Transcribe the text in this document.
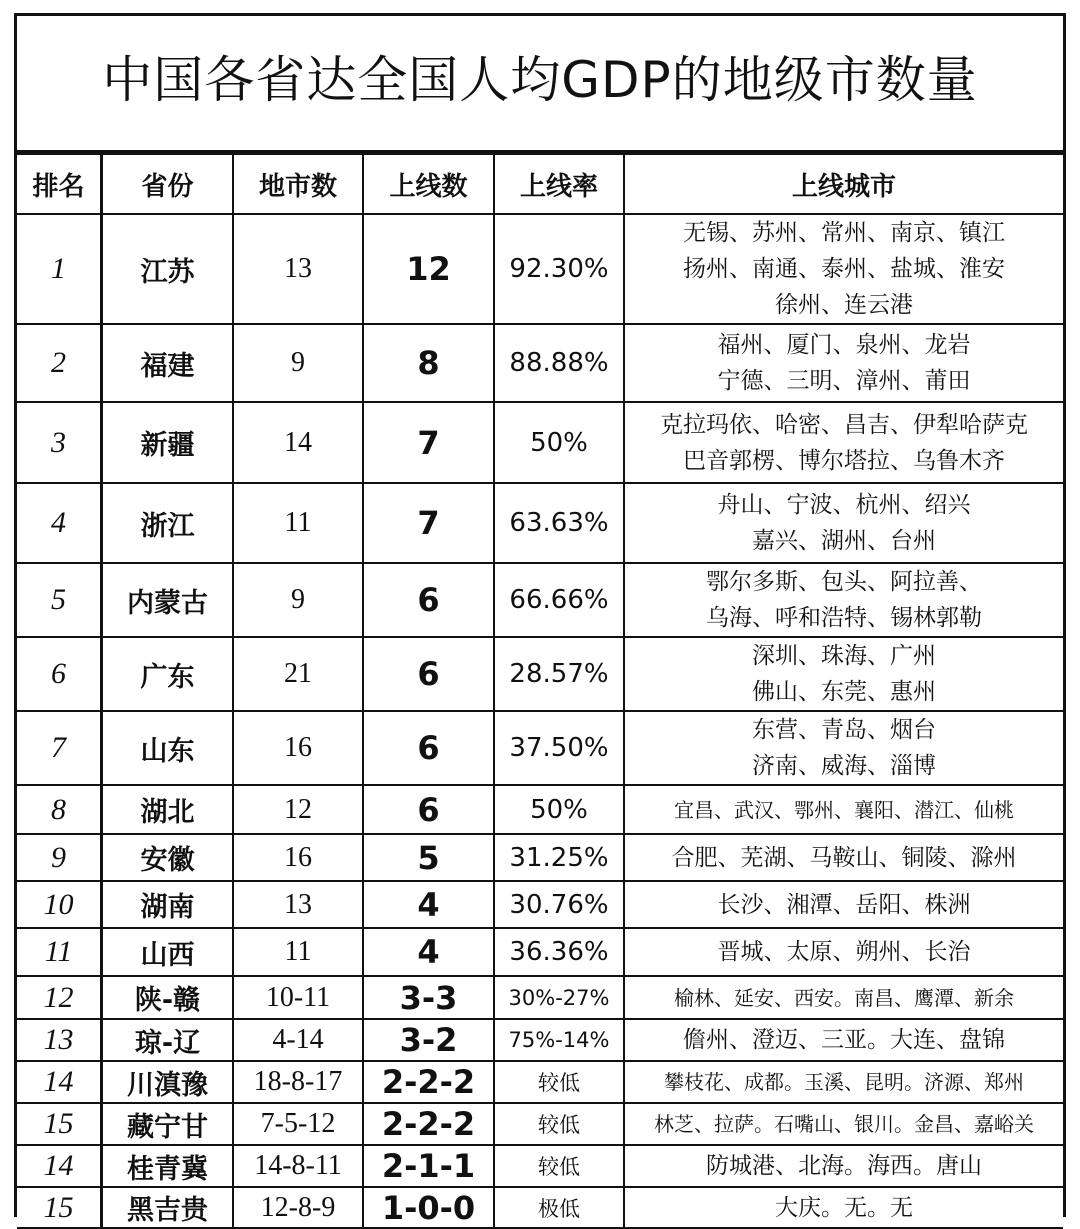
中国各省达全国人均GDP的地级市数量
排名	省份	地市数	上线数	上线率	上线城市
1	江苏	13	12	92.30%	无锡、苏州、常州、南京、镇江
扬州、南通、泰州、盐城、淮安
徐州、连云港

2	福建	9	8	88.88%	福州、厦门、泉州、龙岩
宁德、三明、漳州、莆田

3	新疆	14	7	50%	克拉玛依、哈密、昌吉、伊犁哈萨克
巴音郭楞、博尔塔拉、乌鲁木齐

4	浙江	11	7	63.63%	舟山、宁波、杭州、绍兴
嘉兴、湖州、台州

5	内蒙古	9	6	66.66%	鄂尔多斯、包头、阿拉善、
乌海、呼和浩特、锡林郭勒

6	广东	21	6	28.57%	深圳、珠海、广州
佛山、东莞、惠州

7	山东	16	6	37.50%	东营、青岛、烟台
济南、威海、淄博

8	湖北	12	6	50%	宜昌、武汉、鄂州、襄阳、潜江、仙桃

9	安徽	16	5	31.25%	合肥、芜湖、马鞍山、铜陵、滁州

10	湖南	13	4	30.76%	长沙、湘潭、岳阳、株洲

11	山西	11	4	36.36%	晋城、太原、朔州、长治

12	陕-赣	10-11	3-3	30%-27%	榆林、延安、西安。南昌、鹰潭、新余

13	琼-辽	4-14	3-2	75%-14%	儋州、澄迈、三亚。大连、盘锦

14	川滇豫	18-8-17	2-2-2	较低	攀枝花、成都。玉溪、昆明。济源、郑州

15	藏宁甘	7-5-12	2-2-2	较低	林芝、拉萨。石嘴山、银川。金昌、嘉峪关

14	桂青冀	14-8-11	2-1-1	较低	防城港、北海。海西。唐山

15	黑吉贵	12-8-9	1-0-0	极低	大庆。无。无
